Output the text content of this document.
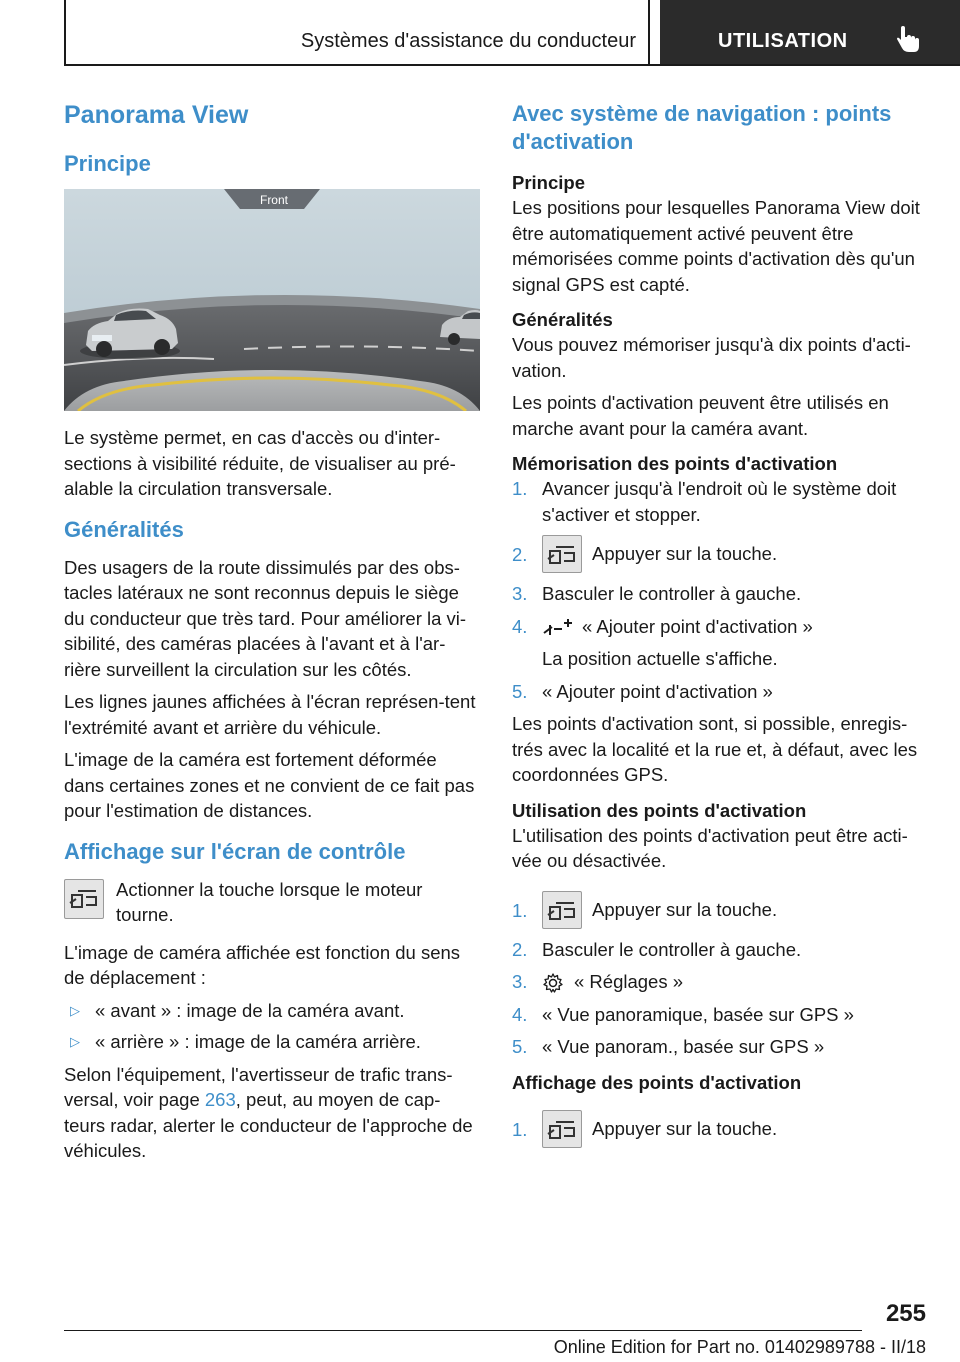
Systèmes d'assistance du conducteur	UTILISATION
Panorama View
Principe
Front

Le système permet, en cas d'accès ou d'inter-sections à visibilité réduite, de visualiser au pré-alable la circulation transversale.

Généralités

Des usagers de la route dissimulés par des obs-tacles latéraux ne sont reconnus depuis le siège du conducteur que très tard. Pour améliorer la vi-sibilité, des caméras placées à l'avant et à l'ar-rière surveillent la circulation sur les côtés.

Les lignes jaunes affichées à l'écran représen-tent l'extrémité avant et arrière du véhicule.

L'image de la caméra est fortement déformée dans certaines zones et ne convient de ce fait pas pour l'estimation de distances.

Affichage sur l'écran de contrôle

Actionner la touche lorsque le moteur tourne.

L'image de caméra affichée est fonction du sens de déplacement :

▷ « avant » : image de la caméra avant.
▷ « arrière » : image de la caméra arrière.

Selon l'équipement, l'avertisseur de trafic trans-versal, voir page 263, peut, au moyen de cap-teurs radar, alerter le conducteur de l'approche de véhicules.

Avec système de navigation : points d'activation
Principe

Les positions pour lesquelles Panorama View doit être automatiquement activé peuvent être mémorisées comme points d'activation dès qu'un signal GPS est capté.

Généralités

Vous pouvez mémoriser jusqu'à dix points d'acti-vation.

Les points d'activation peuvent être utilisés en marche avant pour la caméra avant.

Mémorisation des points d'activation
1. Avancer jusqu'à l'endroit où le système doit s'activer et stopper.
2.	Appuyer sur la touche.
3. Basculer le controller à gauche.
4.	« Ajouter point d'activation »

La position actuelle s'affiche.

5. « Ajouter point d'activation »

Les points d'activation sont, si possible, enregis-trés avec la localité et la rue et, à défaut, avec les coordonnées GPS.

Utilisation des points d'activation

L'utilisation des points d'activation peut être acti-vée ou désactivée.

1.	Appuyer sur la touche.
2. Basculer le controller à gauche.
3.	« Réglages »
4. « Vue panoramique, basée sur GPS »
5. « Vue panoram., basée sur GPS »
Affichage des points d'activation
1.	Appuyer sur la touche.
255
Online Edition for Part no. 01402989788 - II/18
